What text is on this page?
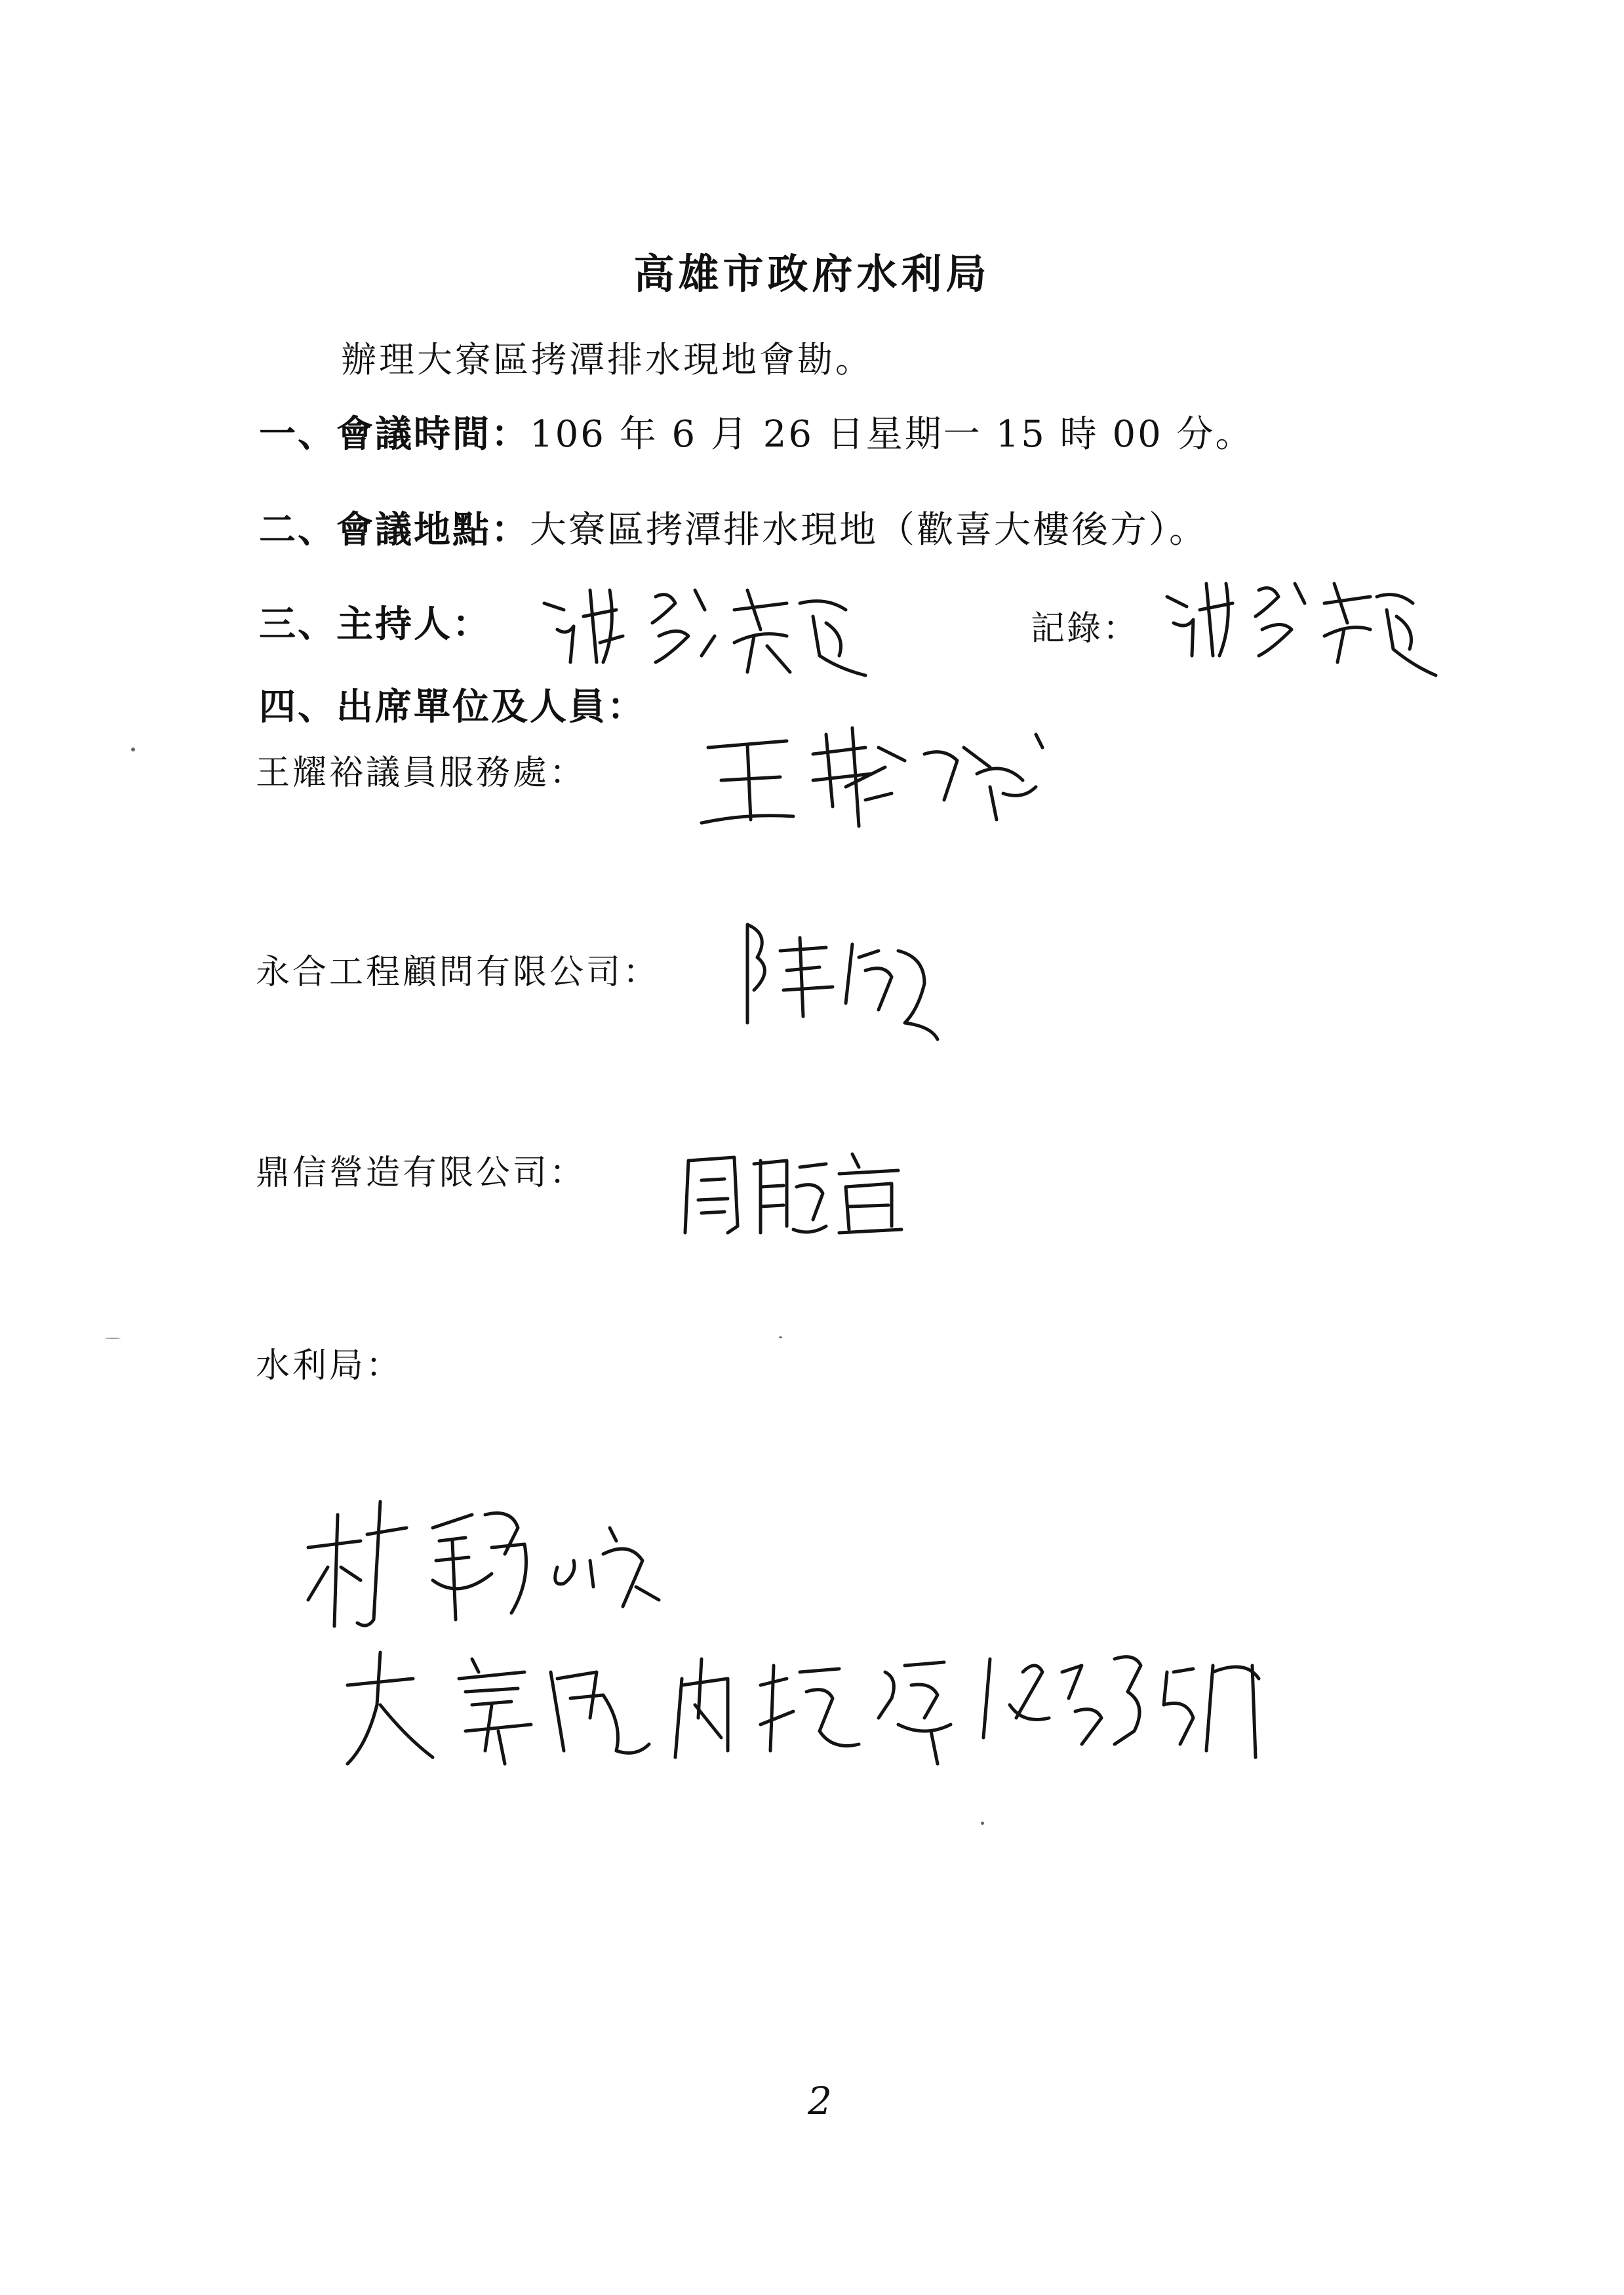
高雄市政府水利局
辦理大寮區拷潭排水現地會勘。
一、會議時間：106 年 6 月 26 日星期一 15 時 00 分。
二、會議地點：大寮區拷潭排水現地（歡喜大樓後方）。
三、主持人：	記錄：
四、出席單位及人員：
王耀裕議員服務處：
永合工程顧問有限公司：
鼎信營造有限公司：
水利局：
2
